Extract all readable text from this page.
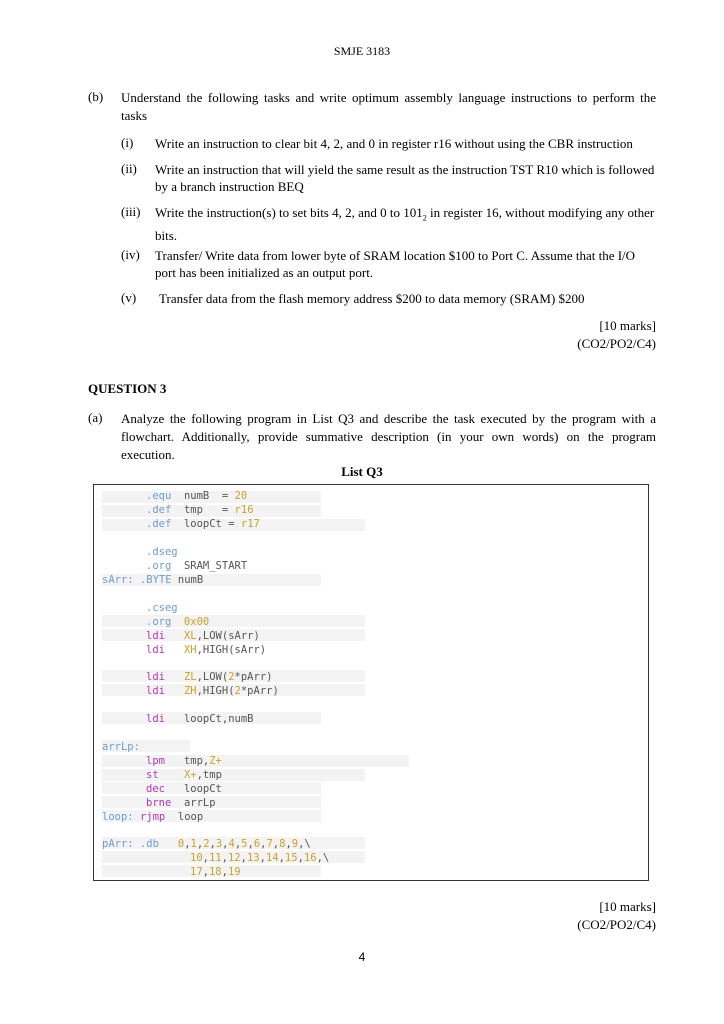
SMJE 3183
(b) Understand the following tasks and write optimum assembly language instructions to perform the tasks
(i)	Write an instruction to clear bit 4, 2, and 0 in register r16 without using the CBR instruction
(ii)	Write an instruction that will yield the same result as the instruction TST R10 which is followed by a branch instruction BEQ
(iii)	Write the instruction(s) to set bits 4, 2, and 0 to $101_2$ in register 16, without modifying any other bits.
(iv)	Transfer/ Write data from lower byte of SRAM location $100 to Port C. Assume that the I/O port has been initialized as an output port.
(v)	Transfer data from the flash memory address $200 to data memory (SRAM) $200
[10 marks]
(CO2/PO2/C4)
QUESTION 3
(a) Analyze the following program in List Q3 and describe the task executed by the program with a flowchart. Additionally, provide summative description (in your own words) on the program execution.
List Q3
.equ numB = 20
.def tmp = r16
.def loopCt = r17
.dseg
.org SRAM_START
sArr: .BYTE numB
.cseg
.org 0x00
ldi XL,LOW(sArr)
ldi XH,HIGH(sArr)
ldi ZL,LOW(2*pArr)
ldi ZH,HIGH(2*pArr)
ldi loopCt,numB
arrLp:
lpm tmp,Z+
st X+,tmp
dec loopCt
brne arrLp
loop: rjmp loop
pArr: .db 0,1,2,3,4,5,6,7,8,9,\
10,11,12,13,14,15,16,\
17,18,19
[10 marks]
(CO2/PO2/C4)
4
